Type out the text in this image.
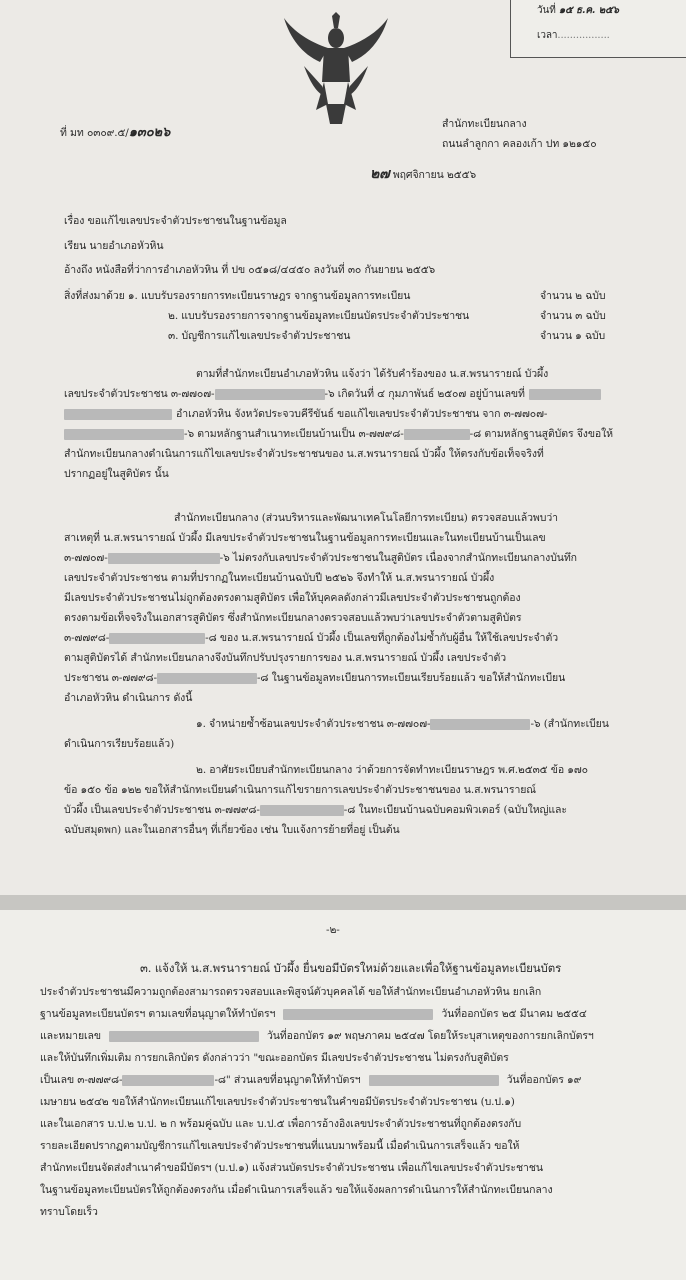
วันที่ ๑๕ ธ.ค. ๒๕๖
เวลา.................
ที่ มท ๐๓๐๙.๕/๑๓๐๒๖
สำนักทะเบียนกลาง
ถนนลำลูกกา คลองเก้า ปท ๑๒๑๕๐
๒๗ พฤศจิกายน ๒๕๕๖
เรื่อง ขอแก้ไขเลขประจำตัวประชาชนในฐานข้อมูล
เรียน นายอำเภอหัวหิน
อ้างถึง หนังสือที่ว่าการอำเภอหัวหิน ที่ ปข ๐๕๑๘/๔๔๕๐ ลงวันที่ ๓๐ กันยายน ๒๕๕๖
สิ่งที่ส่งมาด้วย ๑. แบบรับรองรายการทะเบียนราษฎร จากฐานข้อมูลการทะเบียน	จำนวน ๒ ฉบับ
๒. แบบรับรองรายการจากฐานข้อมูลทะเบียนบัตรประจำตัวประชาชน	จำนวน ๓ ฉบับ
๓. บัญชีการแก้ไขเลขประจำตัวประชาชน	จำนวน ๑ ฉบับ
ตามที่สำนักทะเบียนอำเภอหัวหิน แจ้งว่า ได้รับคำร้องของ น.ส.พรนารายณ์ บัวผึ้ง
เลขประจำตัวประชาชน ๓-๗๗๐๗-	-๖ เกิดวันที่ ๔ กุมภาพันธ์ ๒๕๐๗ อยู่บ้านเลขที่
อำเภอหัวหิน จังหวัดประจวบคีรีขันธ์ ขอแก้ไขเลขประจำตัวประชาชน จาก ๓-๗๗๐๗-
-๖ ตามหลักฐานสำเนาทะเบียนบ้านเป็น ๓-๗๗๙๘-	-๘ ตามหลักฐานสูติบัตร จึงขอให้
สำนักทะเบียนกลางดำเนินการแก้ไขเลขประจำตัวประชาชนของ น.ส.พรนารายณ์ บัวผึ้ง ให้ตรงกับข้อเท็จจริงที่
ปรากฏอยู่ในสูติบัตร นั้น
สำนักทะเบียนกลาง (ส่วนบริหารและพัฒนาเทคโนโลยีการทะเบียน) ตรวจสอบแล้วพบว่า
สาเหตุที่ น.ส.พรนารายณ์ บัวผึ้ง มีเลขประจำตัวประชาชนในฐานข้อมูลการทะเบียนและในทะเบียนบ้านเป็นเลข
๓-๗๗๐๗-	-๖ ไม่ตรงกับเลขประจำตัวประชาชนในสูติบัตร เนื่องจากสำนักทะเบียนกลางบันทึก
เลขประจำตัวประชาชน ตามที่ปรากฏในทะเบียนบ้านฉบับปี ๒๕๒๖ จึงทำให้ น.ส.พรนารายณ์ บัวผึ้ง
มีเลขประจำตัวประชาชนไม่ถูกต้องตรงตามสูติบัตร เพื่อให้บุคคลดังกล่าวมีเลขประจำตัวประชาชนถูกต้อง
ตรงตามข้อเท็จจริงในเอกสารสูติบัตร ซึ่งสำนักทะเบียนกลางตรวจสอบแล้วพบว่าเลขประจำตัวตามสูติบัตร
๓-๗๗๙๘-	-๘ ของ น.ส.พรนารายณ์ บัวผึ้ง เป็นเลขที่ถูกต้องไม่ซ้ำกับผู้อื่น ให้ใช้เลขประจำตัว
ตามสูติบัตรได้ สำนักทะเบียนกลางจึงบันทึกปรับปรุงรายการของ น.ส.พรนารายณ์ บัวผึ้ง เลขประจำตัว
ประชาชน ๓-๗๗๙๘-	-๘ ในฐานข้อมูลทะเบียนการทะเบียนเรียบร้อยแล้ว ขอให้สำนักทะเบียน
อำเภอหัวหิน ดำเนินการ ดังนี้
๑. จำหน่ายซ้ำซ้อนเลขประจำตัวประชาชน ๓-๗๗๐๗-	-๖ (สำนักทะเบียน
ดำเนินการเรียบร้อยแล้ว)
๒. อาศัยระเบียบสำนักทะเบียนกลาง ว่าด้วยการจัดทำทะเบียนราษฎร พ.ศ.๒๕๓๕ ข้อ ๑๗๐
ข้อ ๑๕๐ ข้อ ๑๒๒ ขอให้สำนักทะเบียนดำเนินการแก้ไขรายการเลขประจำตัวประชาชนของ น.ส.พรนารายณ์
บัวผึ้ง เป็นเลขประจำตัวประชาชน ๓-๗๗๙๘-	-๘ ในทะเบียนบ้านฉบับคอมพิวเตอร์ (ฉบับใหญ่และ
ฉบับสมุดพก) และในเอกสารอื่นๆ ที่เกี่ยวข้อง เช่น ใบแจ้งการย้ายที่อยู่ เป็นต้น
-๒-
๓. แจ้งให้ น.ส.พรนารายณ์ บัวผึ้ง ยื่นขอมีบัตรใหม่ด้วยและเพื่อให้ฐานข้อมูลทะเบียนบัตร
ประจำตัวประชาชนมีความถูกต้องสามารถตรวจสอบและพิสูจน์ตัวบุคคลได้ ขอให้สำนักทะเบียนอำเภอหัวหิน ยกเลิก
ฐานข้อมูลทะเบียนบัตรฯ ตามเลขที่อนุญาตให้ทำบัตรฯ	วันที่ออกบัตร ๒๕ มีนาคม ๒๕๕๔
และหมายเลข	วันที่ออกบัตร ๑๙ พฤษภาคม ๒๕๔๗ โดยให้ระบุสาเหตุของการยกเลิกบัตรฯ
และให้บันทึกเพิ่มเติม การยกเลิกบัตร ดังกล่าวว่า "ขณะออกบัตร มีเลขประจำตัวประชาชน ไม่ตรงกับสูติบัตร
เป็นเลข ๓-๗๗๙๘-	-๘" ส่วนเลขที่อนุญาตให้ทำบัตรฯ	วันที่ออกบัตร ๑๙
เมษายน ๒๕๔๒ ขอให้สำนักทะเบียนแก้ไขเลขประจำตัวประชาชนในคำขอมีบัตรประจำตัวประชาชน (บ.ป.๑)
และในเอกสาร บ.ป.๒ บ.ป. ๒ ก พร้อมคู่ฉบับ และ บ.ป.๕ เพื่อการอ้างอิงเลขประจำตัวประชาชนที่ถูกต้องตรงกับ
รายละเอียดปรากฏตามบัญชีการแก้ไขเลขประจำตัวประชาชนที่แนบมาพร้อมนี้ เมื่อดำเนินการเสร็จแล้ว ขอให้
สำนักทะเบียนจัดส่งสำเนาคำขอมีบัตรฯ (บ.ป.๑) แจ้งส่วนบัตรประจำตัวประชาชน เพื่อแก้ไขเลขประจำตัวประชาชน
ในฐานข้อมูลทะเบียนบัตรให้ถูกต้องตรงกัน เมื่อดำเนินการเสร็จแล้ว ขอให้แจ้งผลการดำเนินการให้สำนักทะเบียนกลาง
ทราบโดยเร็ว
